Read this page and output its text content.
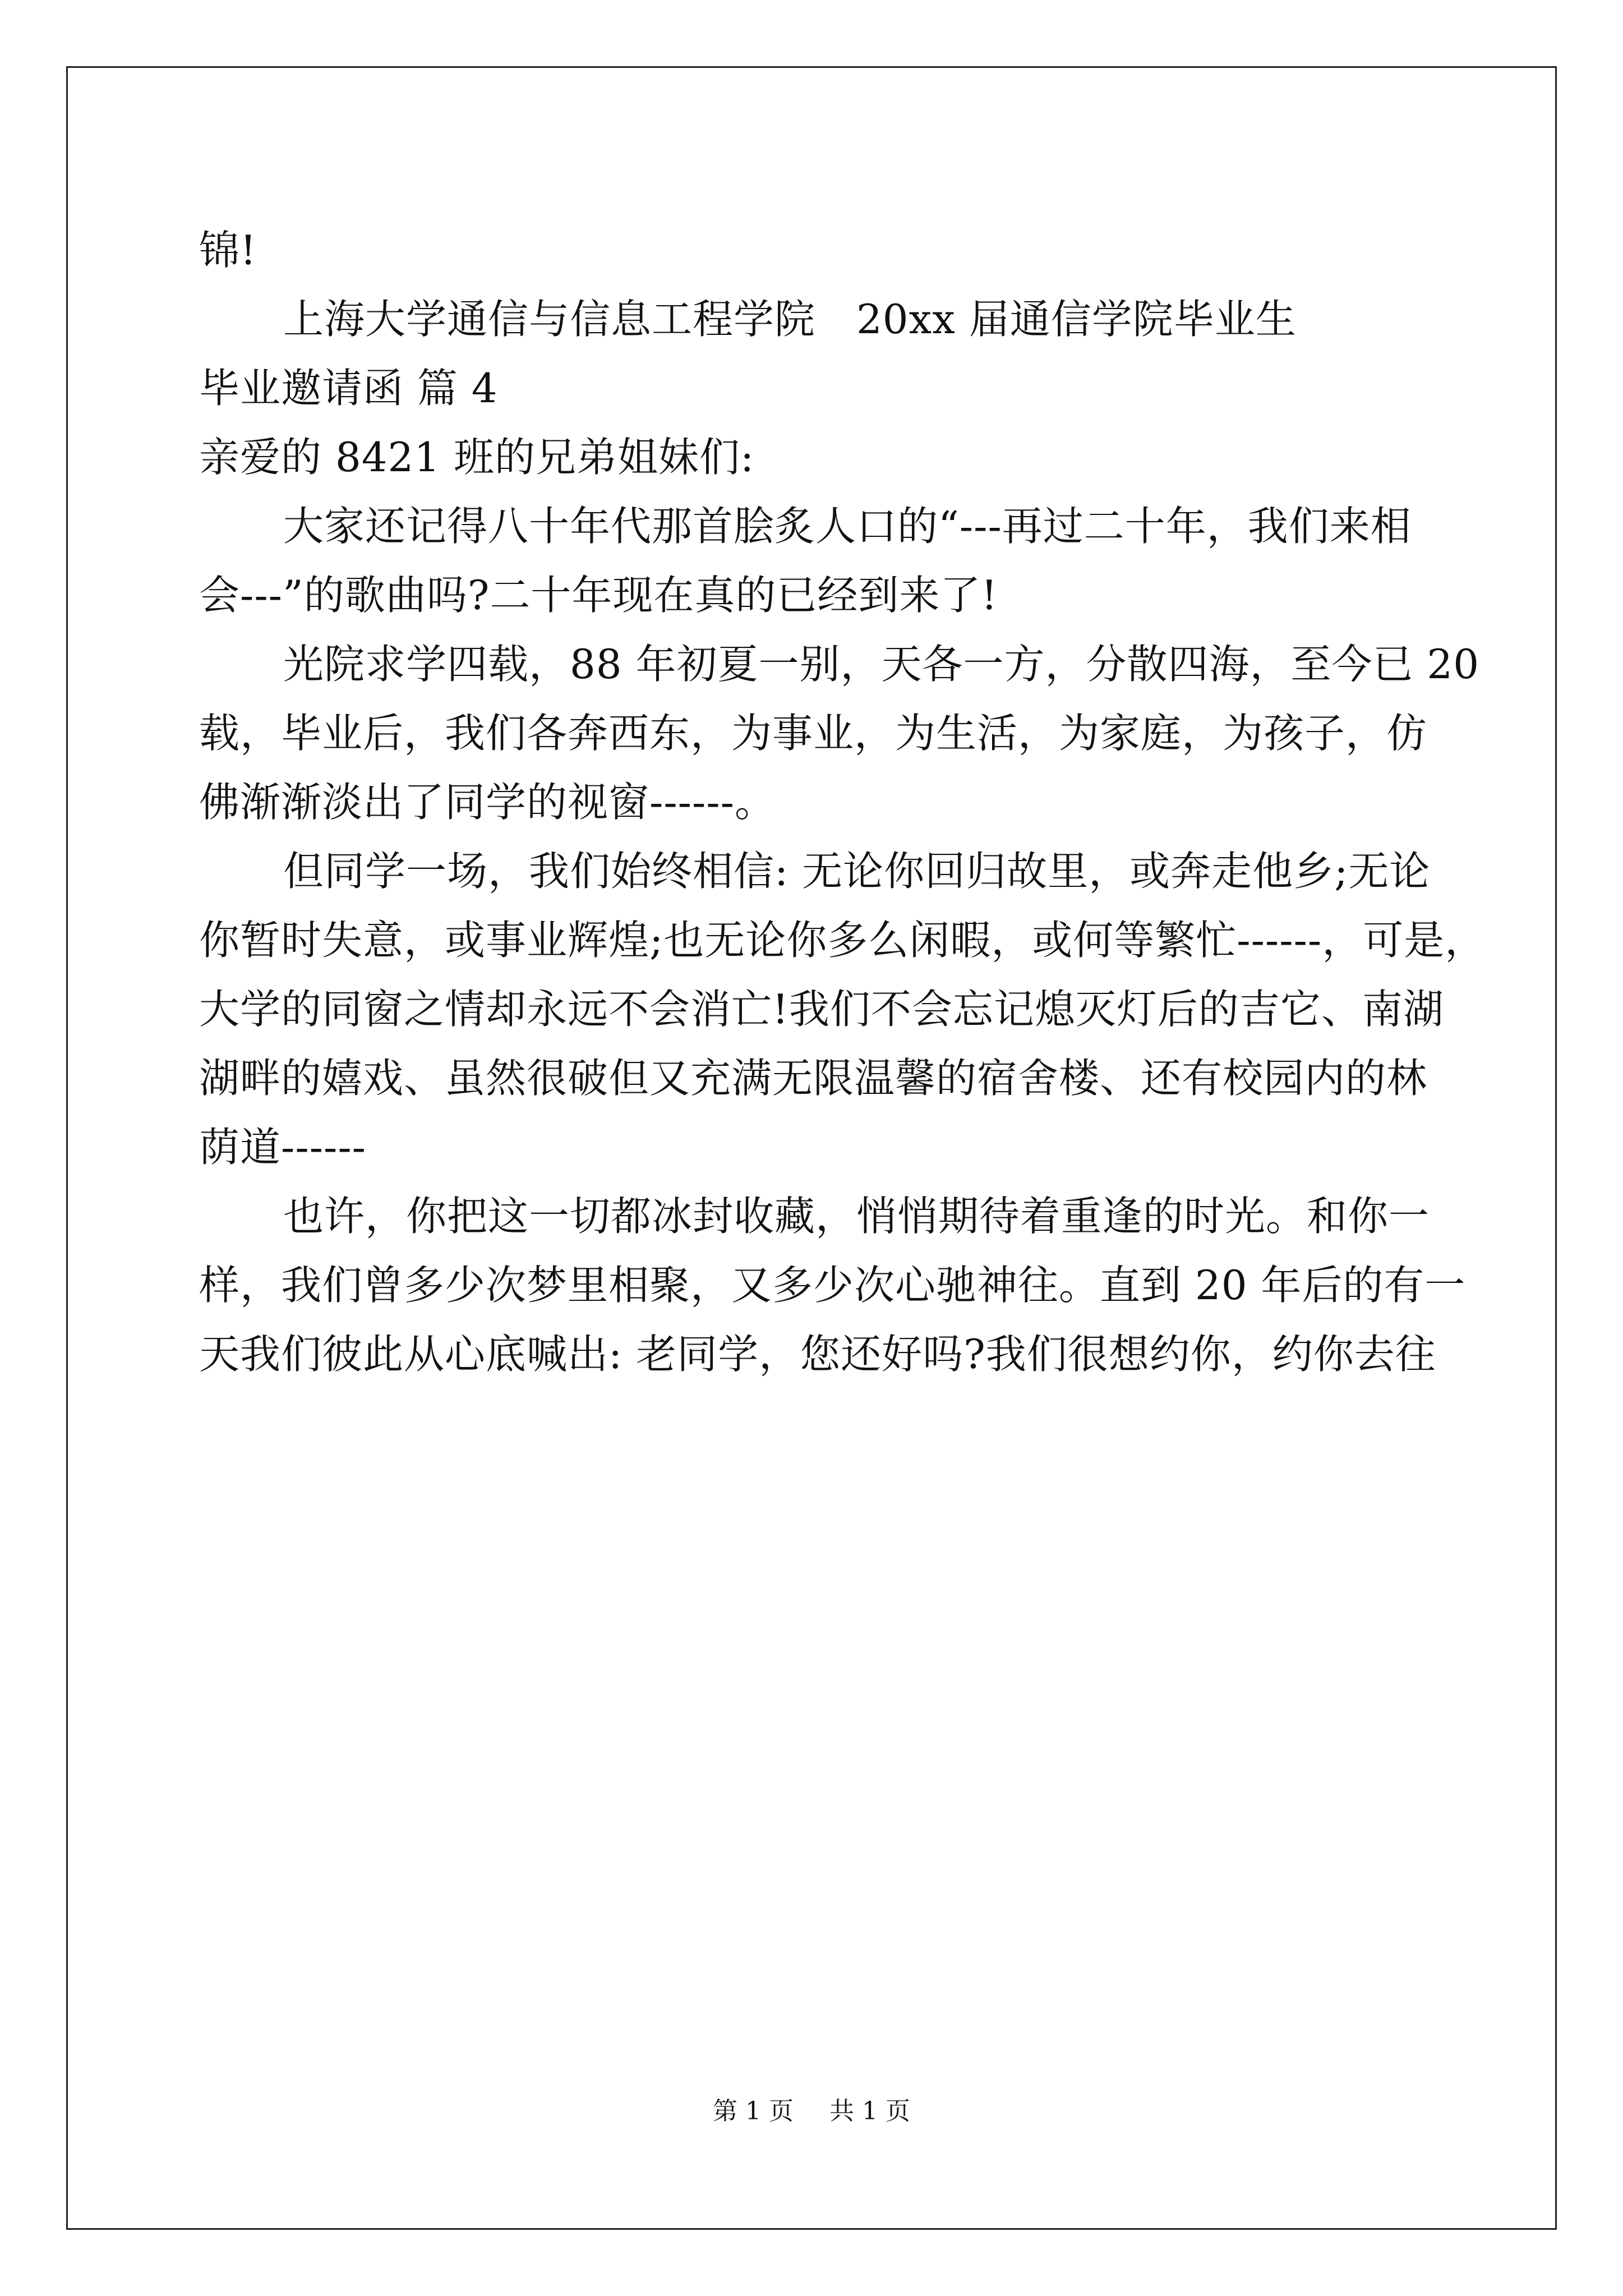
锦!
上海大学通信与信息工程学院　20xx 届通信学院毕业生
毕业邀请函 篇 4
亲爱的 8421 班的兄弟姐妹们:
大家还记得八十年代那首脍炙人口的“---再过二十年，我们来相
会---”的歌曲吗?二十年现在真的已经到来了!
光院求学四载，88 年初夏一别，天各一方，分散四海，至今已 20
载，毕业后，我们各奔西东，为事业，为生活，为家庭，为孩子，仿
佛渐渐淡出了同学的视窗------。
但同学一场，我们始终相信: 无论你回归故里，或奔走他乡;无论
你暂时失意，或事业辉煌;也无论你多么闲暇，或何等繁忙------，可是，
大学的同窗之情却永远不会消亡!我们不会忘记熄灭灯后的吉它、南湖
湖畔的嬉戏、虽然很破但又充满无限温馨的宿舍楼、还有校园内的林
荫道------
也许，你把这一切都冰封收藏，悄悄期待着重逢的时光。和你一
样，我们曾多少次梦里相聚，又多少次心驰神往。直到 20 年后的有一
天我们彼此从心底喊出: 老同学，您还好吗?我们很想约你，约你去往
第 1 页 共 1 页
